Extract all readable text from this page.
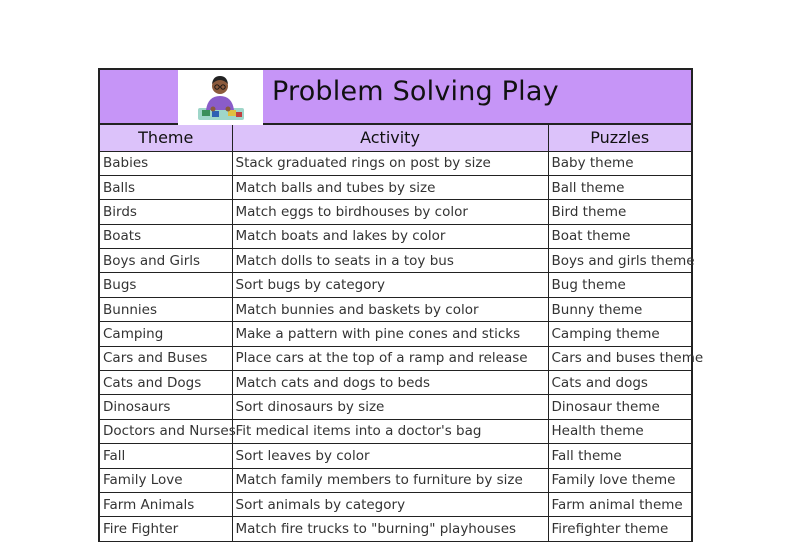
Problem Solving Play
Theme	Activity	Puzzles
Babies	Stack graduated rings on post by size	Baby theme
Balls	Match balls and tubes by size	Ball theme
Birds	Match eggs to birdhouses by color	Bird theme
Boats	Match boats and lakes by color	Boat theme
Boys and Girls	Match dolls to seats in a toy bus	Boys and girls theme
Bugs	Sort bugs by category	Bug theme
Bunnies	Match bunnies and baskets by color	Bunny theme
Camping	Make a pattern with pine cones and sticks	Camping theme
Cars and Buses	Place cars at the top of a ramp and release	Cars and buses theme
Cats and Dogs	Match cats and dogs to beds	Cats and dogs
Dinosaurs	Sort dinosaurs by size	Dinosaur theme
Doctors and Nurses	Fit medical items into a doctor's bag	Health theme
Fall	Sort leaves by color	Fall theme
Family Love	Match family members to furniture by size	Family love theme
Farm Animals	Sort animals by category	Farm animal theme
Fire Fighter	Match fire trucks to "burning" playhouses	Firefighter theme
